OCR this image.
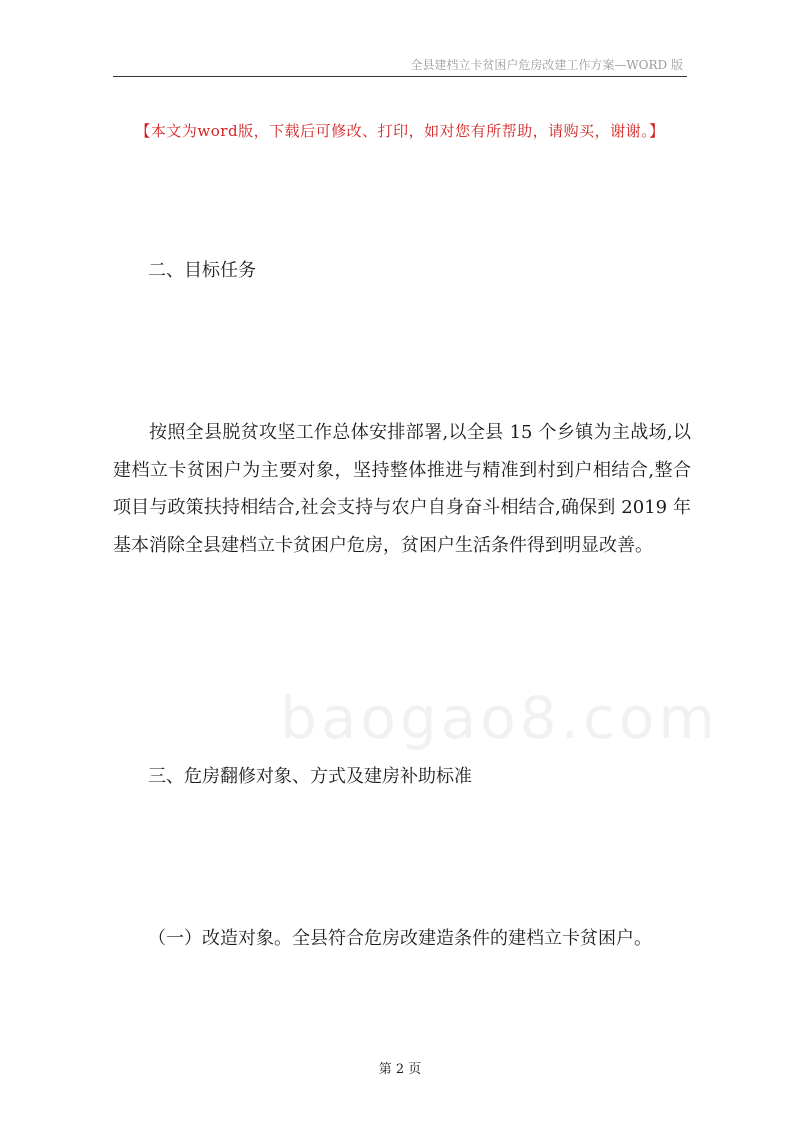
全县建档立卡贫困户危房改建工作方案—WORD 版
【本文为word版，下载后可修改、打印，如对您有所帮助，请购买，谢谢。】
二、目标任务
按照全县脱贫攻坚工作总体安排部署,以全县 15 个乡镇为主战场,以建档立卡贫困户为主要对象，坚持整体推进与精准到村到户相结合,整合项目与政策扶持相结合,社会支持与农户自身奋斗相结合,确保到 2019 年基本消除全县建档立卡贫困户危房，贫困户生活条件得到明显改善。
baogao8.com
三、危房翻修对象、方式及建房补助标准
（一）改造对象。全县符合危房改建造条件的建档立卡贫困户。
第 2 页
